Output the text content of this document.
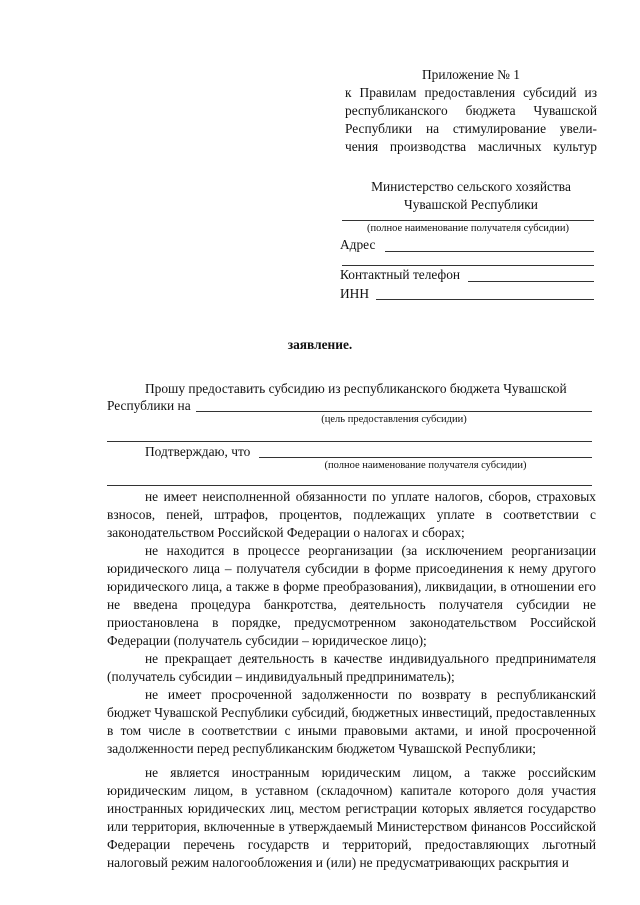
Приложение № 1
к Правилам предоставления субсидий из
республиканского бюджета Чувашской
Республики на стимулирование увели-
чения производства масличных культур
Министерство сельского хозяйства
Чувашской Республики
(полное наименование получателя субсидии)
Адрес
Контактный телефон
ИНН
заявление.
Прошу предоставить субсидию из республиканского бюджета Чувашской
Республики на
(цель предоставления субсидии)
Подтверждаю, что
(полное наименование получателя субсидии)

не имеет неисполненной обязанности по уплате налогов, сборов, страховых взносов, пеней, штрафов, процентов, подлежащих уплате в соответствии с законодательством Российской Федерации о налогах и сборах;

не находится в процессе реорганизации (за исключением реорганизации юридического лица – получателя субсидии в форме присоединения к нему другого юридического лица, а также в форме преобразования), ликвидации, в отношении его не введена процедура банкротства, деятельность получателя субсидии не приостановлена в порядке, предусмотренном законодательством Российской Федерации (получатель субсидии – юридическое лицо);

не прекращает деятельность в качестве индивидуального предпринимателя (получатель субсидии – индивидуальный предприниматель);

не имеет просроченной задолженности по возврату в республиканский бюджет Чувашской Республики субсидий, бюджетных инвестиций, предоставленных в том числе в соответствии с иными правовыми актами, и иной просроченной задолженности перед республиканским бюджетом Чувашской Республики;

не является иностранным юридическим лицом, а также российским юридическим лицом, в уставном (складочном) капитале которого доля участия иностранных юридических лиц, местом регистрации которых является государство или территория, включенные в утверждаемый Министерством финансов Российской Федерации перечень государств и территорий, предоставляющих льготный налоговый режим налогообложения и (или) не предусматривающих раскрытия и
